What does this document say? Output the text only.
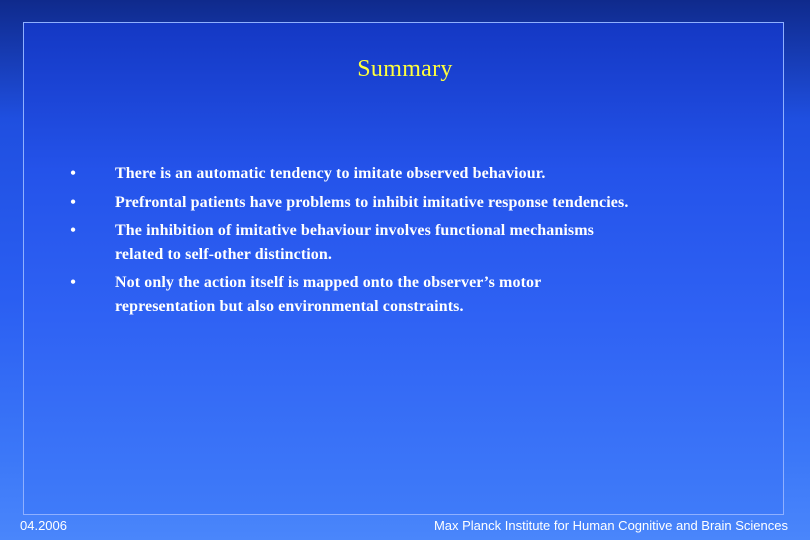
Summary
• There is an automatic tendency to imitate observed behaviour.
• Prefrontal patients have problems to inhibit imitative response tendencies.
• The inhibition of imitative behaviour involves functional mechanisms
related to self-other distinction.
• Not only the action itself is mapped onto the observer’s motor
representation but also environmental constraints.
04.2006	Max Planck Institute for Human Cognitive and Brain Sciences
